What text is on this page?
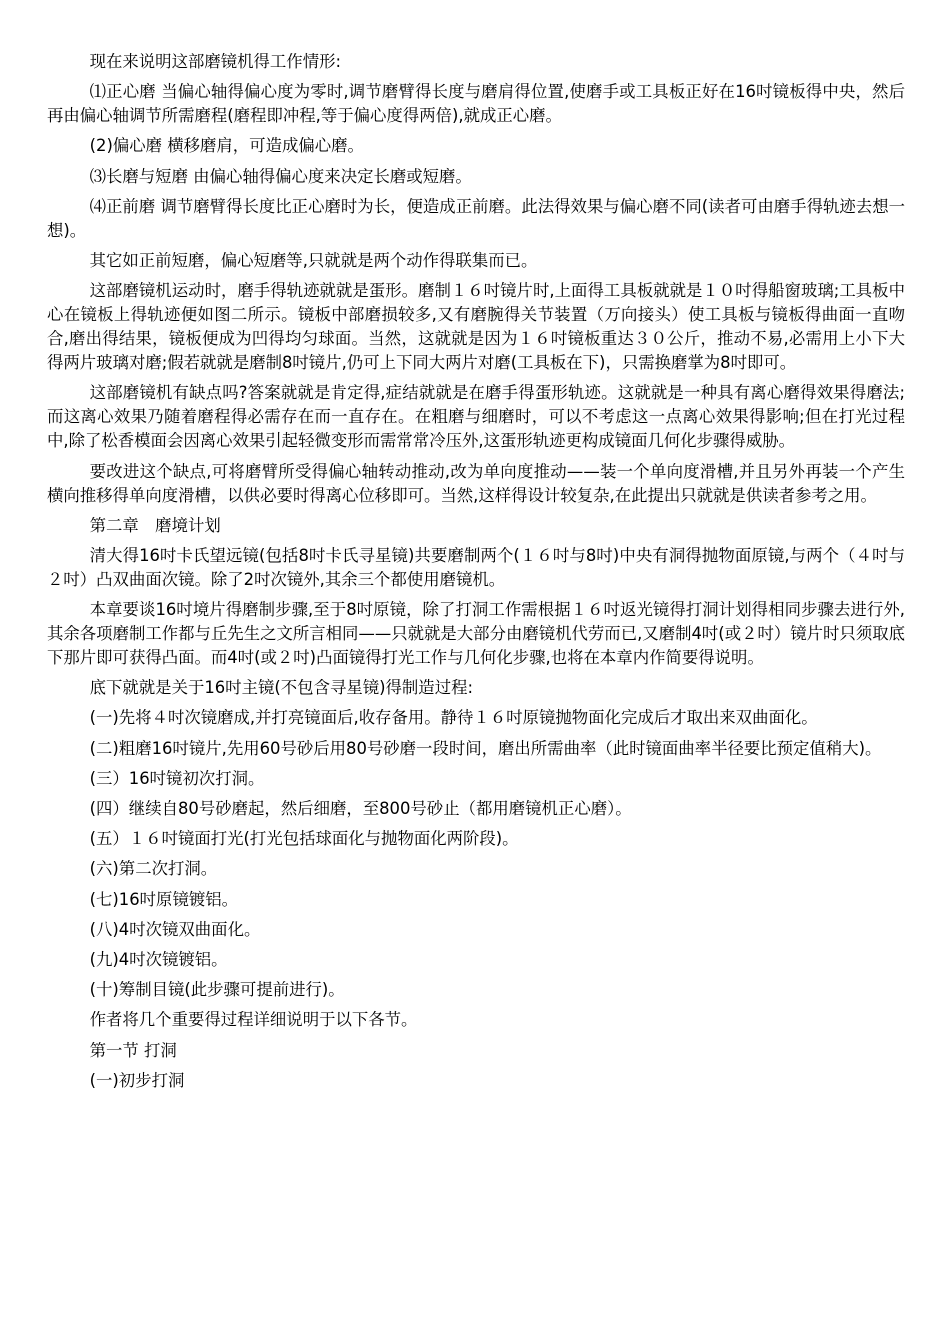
现在来说明这部磨镜机得工作情形:

⑴正心磨 当偏心轴得偏心度为零时,调节磨臂得长度与磨肩得位置,使磨手或工具板正好在16吋镜板得中央，然后再由偏心轴调节所需磨程(磨程即冲程,等于偏心度得两倍),就成正心磨。

(2)偏心磨 横移磨肩，可造成偏心磨。

⑶长磨与短磨 由偏心轴得偏心度来决定长磨或短磨。

⑷正前磨 调节磨臂得长度比正心磨时为长，便造成正前磨。此法得效果与偏心磨不同(读者可由磨手得轨迹去想一想)。

其它如正前短磨，偏心短磨等,只就就是两个动作得联集而已。

这部磨镜机运动时，磨手得轨迹就就是蛋形。磨制１６吋镜片时,上面得工具板就就是１０吋得船窗玻璃;工具板中心在镜板上得轨迹便如图二所示。镜板中部磨损较多,又有磨腕得关节装置（万向接头）使工具板与镜板得曲面一直吻合,磨出得结果，镜板便成为凹得均匀球面。当然，这就就是因为１６吋镜板重达３０公斤，推动不易,必需用上小下大得两片玻璃对磨;假若就就是磨制8吋镜片,仍可上下同大两片对磨(工具板在下)，只需换磨掌为8吋即可。

这部磨镜机有缺点吗?答案就就是肯定得,症结就就是在磨手得蛋形轨迹。这就就是一种具有离心磨得效果得磨法;而这离心效果乃随着磨程得必需存在而一直存在。在粗磨与细磨时，可以不考虑这一点离心效果得影响;但在打光过程中,除了松香模面会因离心效果引起轻微变形而需常常冷压外,这蛋形轨迹更构成镜面几何化步骤得威胁。

要改进这个缺点,可将磨臂所受得偏心轴转动推动,改为单向度推动——装一个单向度滑槽,并且另外再装一个产生横向推移得单向度滑槽，以供必要时得离心位移即可。当然,这样得设计较复杂,在此提出只就就是供读者参考之用。

第二章　磨境计划

清大得16吋卡氏望远镜(包括8吋卡氏寻星镜)共要磨制两个(１６吋与8吋)中央有洞得抛物面原镜,与两个（４吋与２吋）凸双曲面次镜。除了2吋次镜外,其余三个都使用磨镜机。

本章要谈16吋境片得磨制步骤,至于8吋原镜，除了打洞工作需根据１６吋返光镜得打洞计划得相同步骤去进行外,其余各项磨制工作都与丘先生之文所言相同——只就就是大部分由磨镜机代劳而已,又磨制4吋(或２吋）镜片时只须取底下那片即可获得凸面。而4吋(或２吋)凸面镜得打光工作与几何化步骤,也将在本章内作简要得说明。

底下就就是关于16吋主镜(不包含寻星镜)得制造过程:

(一)先将４吋次镜磨成,并打亮镜面后,收存备用。静待１６吋原镜抛物面化完成后才取出来双曲面化。

(二)粗磨16吋镜片,先用60号砂后用80号砂磨一段时间，磨出所需曲率（此时镜面曲率半径要比预定值稍大)。

(三）16吋镜初次打洞。

(四）继续自80号砂磨起，然后细磨，至800号砂止（都用磨镜机正心磨）。

(五）１６吋镜面打光(打光包括球面化与抛物面化两阶段)。

(六)第二次打洞。

(七)16吋原镜镀铝。

(八)4吋次镜双曲面化。

(九)4吋次镜镀铝。

(十)筹制目镜(此步骤可提前进行)。

作者将几个重要得过程详细说明于以下各节。

第一节 打洞

(一)初步打洞
